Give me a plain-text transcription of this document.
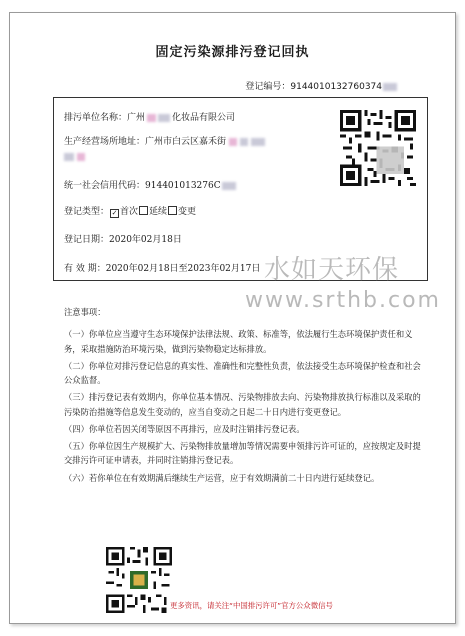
固定污染源排污登记回执
登记编号：9144010132760374
排污单位名称：广州	化妆品有限公司
生产经营场所地址：广州市白云区嘉禾街
统一社会信用代码：914401013276C
登记类型： ✓ 首次 延续 变更
登记日期：2020年02月18日
有 效 期：2020年02月18日至2023年02月17日 水如天环保
www.srthb.com

注意事项：

（一）你单位应当遵守生态环境保护法律法规、政策、标准等，依法履行生态环境保护责任和义务，采取措施防治环境污染，做到污染物稳定达标排放。

（二）你单位对排污登记信息的真实性、准确性和完整性负责，依法接受生态环境保护检查和社会公众监督。

（三）排污登记表有效期内，你单位基本情况、污染物排放去向、污染物排放执行标准以及采取的污染防治措施等信息发生变动的，应当自变动之日起二十日内进行变更登记。

（四）你单位若因关闭等原因不再排污，应及时注销排污登记表。

（五）你单位因生产规模扩大、污染物排放量增加等情况需要申领排污许可证的，应按规定及时提交排污许可证申请表，并同时注销排污登记表。

（六）若你单位在有效期满后继续生产运营，应于有效期满前二十日内进行延续登记。

更多资讯，请关注“中国排污许可”官方公众微信号
